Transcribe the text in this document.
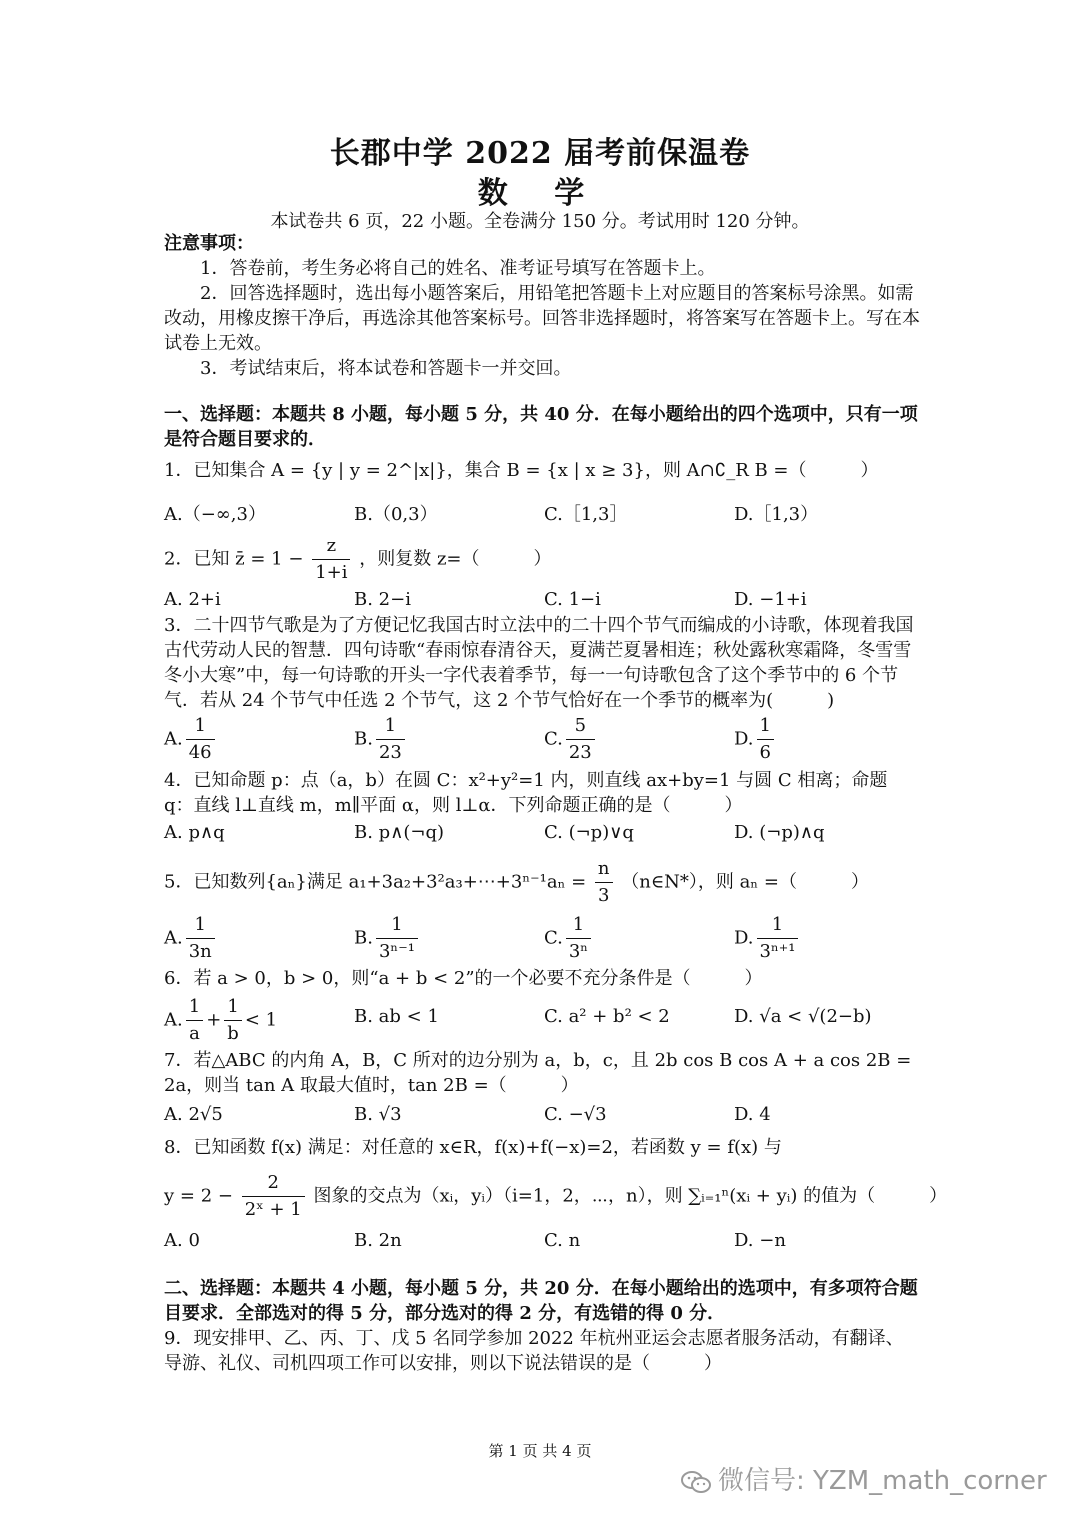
长郡中学 2022 届考前保温卷
数 学
本试卷共 6 页，22 小题。全卷满分 150 分。考试用时 120 分钟。
注意事项：
1．答卷前，考生务必将自己的姓名、准考证号填写在答题卡上。
2．回答选择题时，选出每小题答案后，用铅笔把答题卡上对应题目的答案标号涂黑。如需改动，用橡皮擦干净后，再选涂其他答案标号。回答非选择题时，将答案写在答题卡上。写在本试卷上无效。
3．考试结束后，将本试卷和答题卡一并交回。
一、选择题：本题共 8 小题，每小题 5 分，共 40 分．在每小题给出的四个选项中，只有一项是符合题目要求的．
1．已知集合 A = {y | y = 2^|x|}，集合 B = {x | x ≥ 3}，则 A∩∁_R B =（　　　）
A.（−∞,3）	B.（0,3）	C.［1,3］	D.［1,3）
2．已知 z̄ = $1 - \frac{z}{1+i}$ ，则复数 z=（　　　）
A. 2+i	B. 2−i	C. 1−i	D. −1+i
3．二十四节气歌是为了方便记忆我国古时立法中的二十四个节气而编成的小诗歌，体现着我国古代劳动人民的智慧．四句诗歌“春雨惊春清谷天，夏满芒夏暑相连；秋处露秋寒霜降，冬雪雪冬小大寒”中，每一句诗歌的开头一字代表着季节，每一一句诗歌包含了这个季节中的 6 个节气．若从 24 个节气中任选 2 个节气，这 2 个节气恰好在一个季节的概率为(　　　)
A. $\frac{1}{46}$	B. $\frac{1}{23}$	C. $\frac{5}{23}$	D. $\frac{1}{6}$
4．已知命题 p：点（a，b）在圆 C：x²+y²=1 内，则直线 ax+by=1 与圆 C 相离；命题 q：直线 l⊥直线 m，m∥平面 α，则 l⊥α．下列命题正确的是（　　　）
A. p∧q	B. p∧(¬q)	C. (¬p)∨q	D. (¬p)∧q
5．已知数列{aₙ}满足 a₁+3a₂+3²a₃+⋯+3ⁿ⁻¹aₙ = $\frac{n}{3}$ （n∈N*），则 aₙ =（　　　）
A. $\frac{1}{3n}$	B. $\frac{1}{\text{3ⁿ⁻¹}}$	C. $\frac{1}{\text{3ⁿ}}$	D. $\frac{1}{\text{3ⁿ⁺¹}}$
6．若 a > 0，b > 0，则“a + b < 2”的一个必要不充分条件是（　　　）
A. $\frac{1}{a} + \frac{1}{b} < 1$	B. ab < 1	C. a² + b² < 2	D. √a < √(2−b)
7．若△ABC 的内角 A，B，C 所对的边分别为 a，b，c，且 2b cos B cos A + a cos 2B = 2a，则当 tan A 取最大值时，tan 2B =（　　　）
A. 2√5	B. √3	C. −√3	D. 4
8．已知函数 f(x) 满足：对任意的 x∈R，f(x)+f(−x)=2，若函数 y = f(x) 与
$y = 2 - \frac{2}{\text{2ˣ + 1}}$ 图象的交点为（xᵢ，yᵢ）（i=1，2，⋯，n），则 ∑ᵢ₌₁ⁿ(xᵢ + yᵢ) 的值为（　　　）
A. 0	B. 2n	C. n	D. −n
二、选择题：本题共 4 小题，每小题 5 分，共 20 分．在每小题给出的选项中，有多项符合题目要求．全部选对的得 5 分，部分选对的得 2 分，有选错的得 0 分．
9．现安排甲、乙、丙、丁、戊 5 名同学参加 2022 年杭州亚运会志愿者服务活动，有翻译、导游、礼仪、司机四项工作可以安排，则以下说法错误的是（　　　）
第 1 页 共 4 页
微信号: YZM_math_corner
